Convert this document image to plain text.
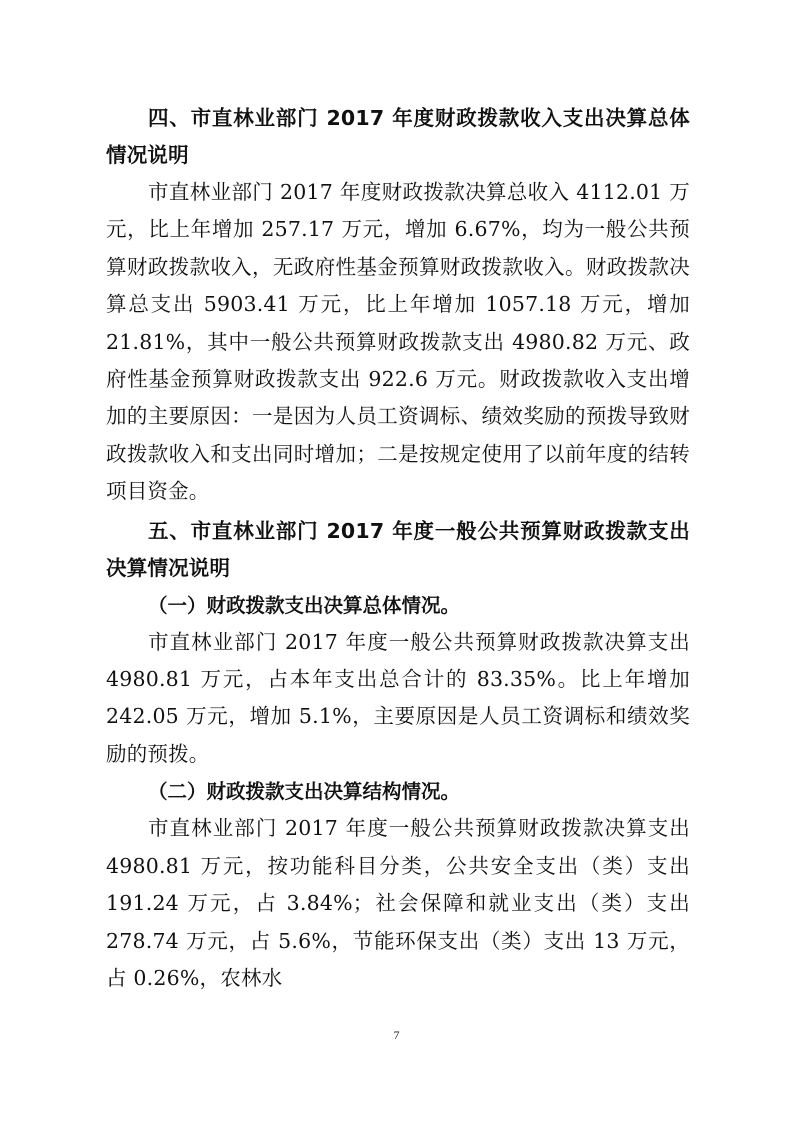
四、市直林业部门 2017 年度财政拨款收入支出决算总体情况说明

市直林业部门 2017 年度财政拨款决算总收入 4112.01 万元，比上年增加 257.17 万元，增加 6.67%，均为一般公共预算财政拨款收入，无政府性基金预算财政拨款收入。财政拨款决算总支出 5903.41 万元，比上年增加 1057.18 万元，增加 21.81%，其中一般公共预算财政拨款支出 4980.82 万元、政府性基金预算财政拨款支出 922.6 万元。财政拨款收入支出增加的主要原因：一是因为人员工资调标、绩效奖励的预拨导致财政拨款收入和支出同时增加；二是按规定使用了以前年度的结转项目资金。

五、市直林业部门 2017 年度一般公共预算财政拨款支出决算情况说明

（一）财政拨款支出决算总体情况。

市直林业部门 2017 年度一般公共预算财政拨款决算支出 4980.81 万元，占本年支出总合计的 83.35%。比上年增加 242.05 万元，增加 5.1%，主要原因是人员工资调标和绩效奖励的预拨。

（二）财政拨款支出决算结构情况。

市直林业部门 2017 年度一般公共预算财政拨款决算支出 4980.81 万元，按功能科目分类，公共安全支出（类）支出 191.24 万元，占 3.84%；社会保障和就业支出（类）支出 278.74 万元，占 5.6%，节能环保支出（类）支出 13 万元，占 0.26%，农林水

7
